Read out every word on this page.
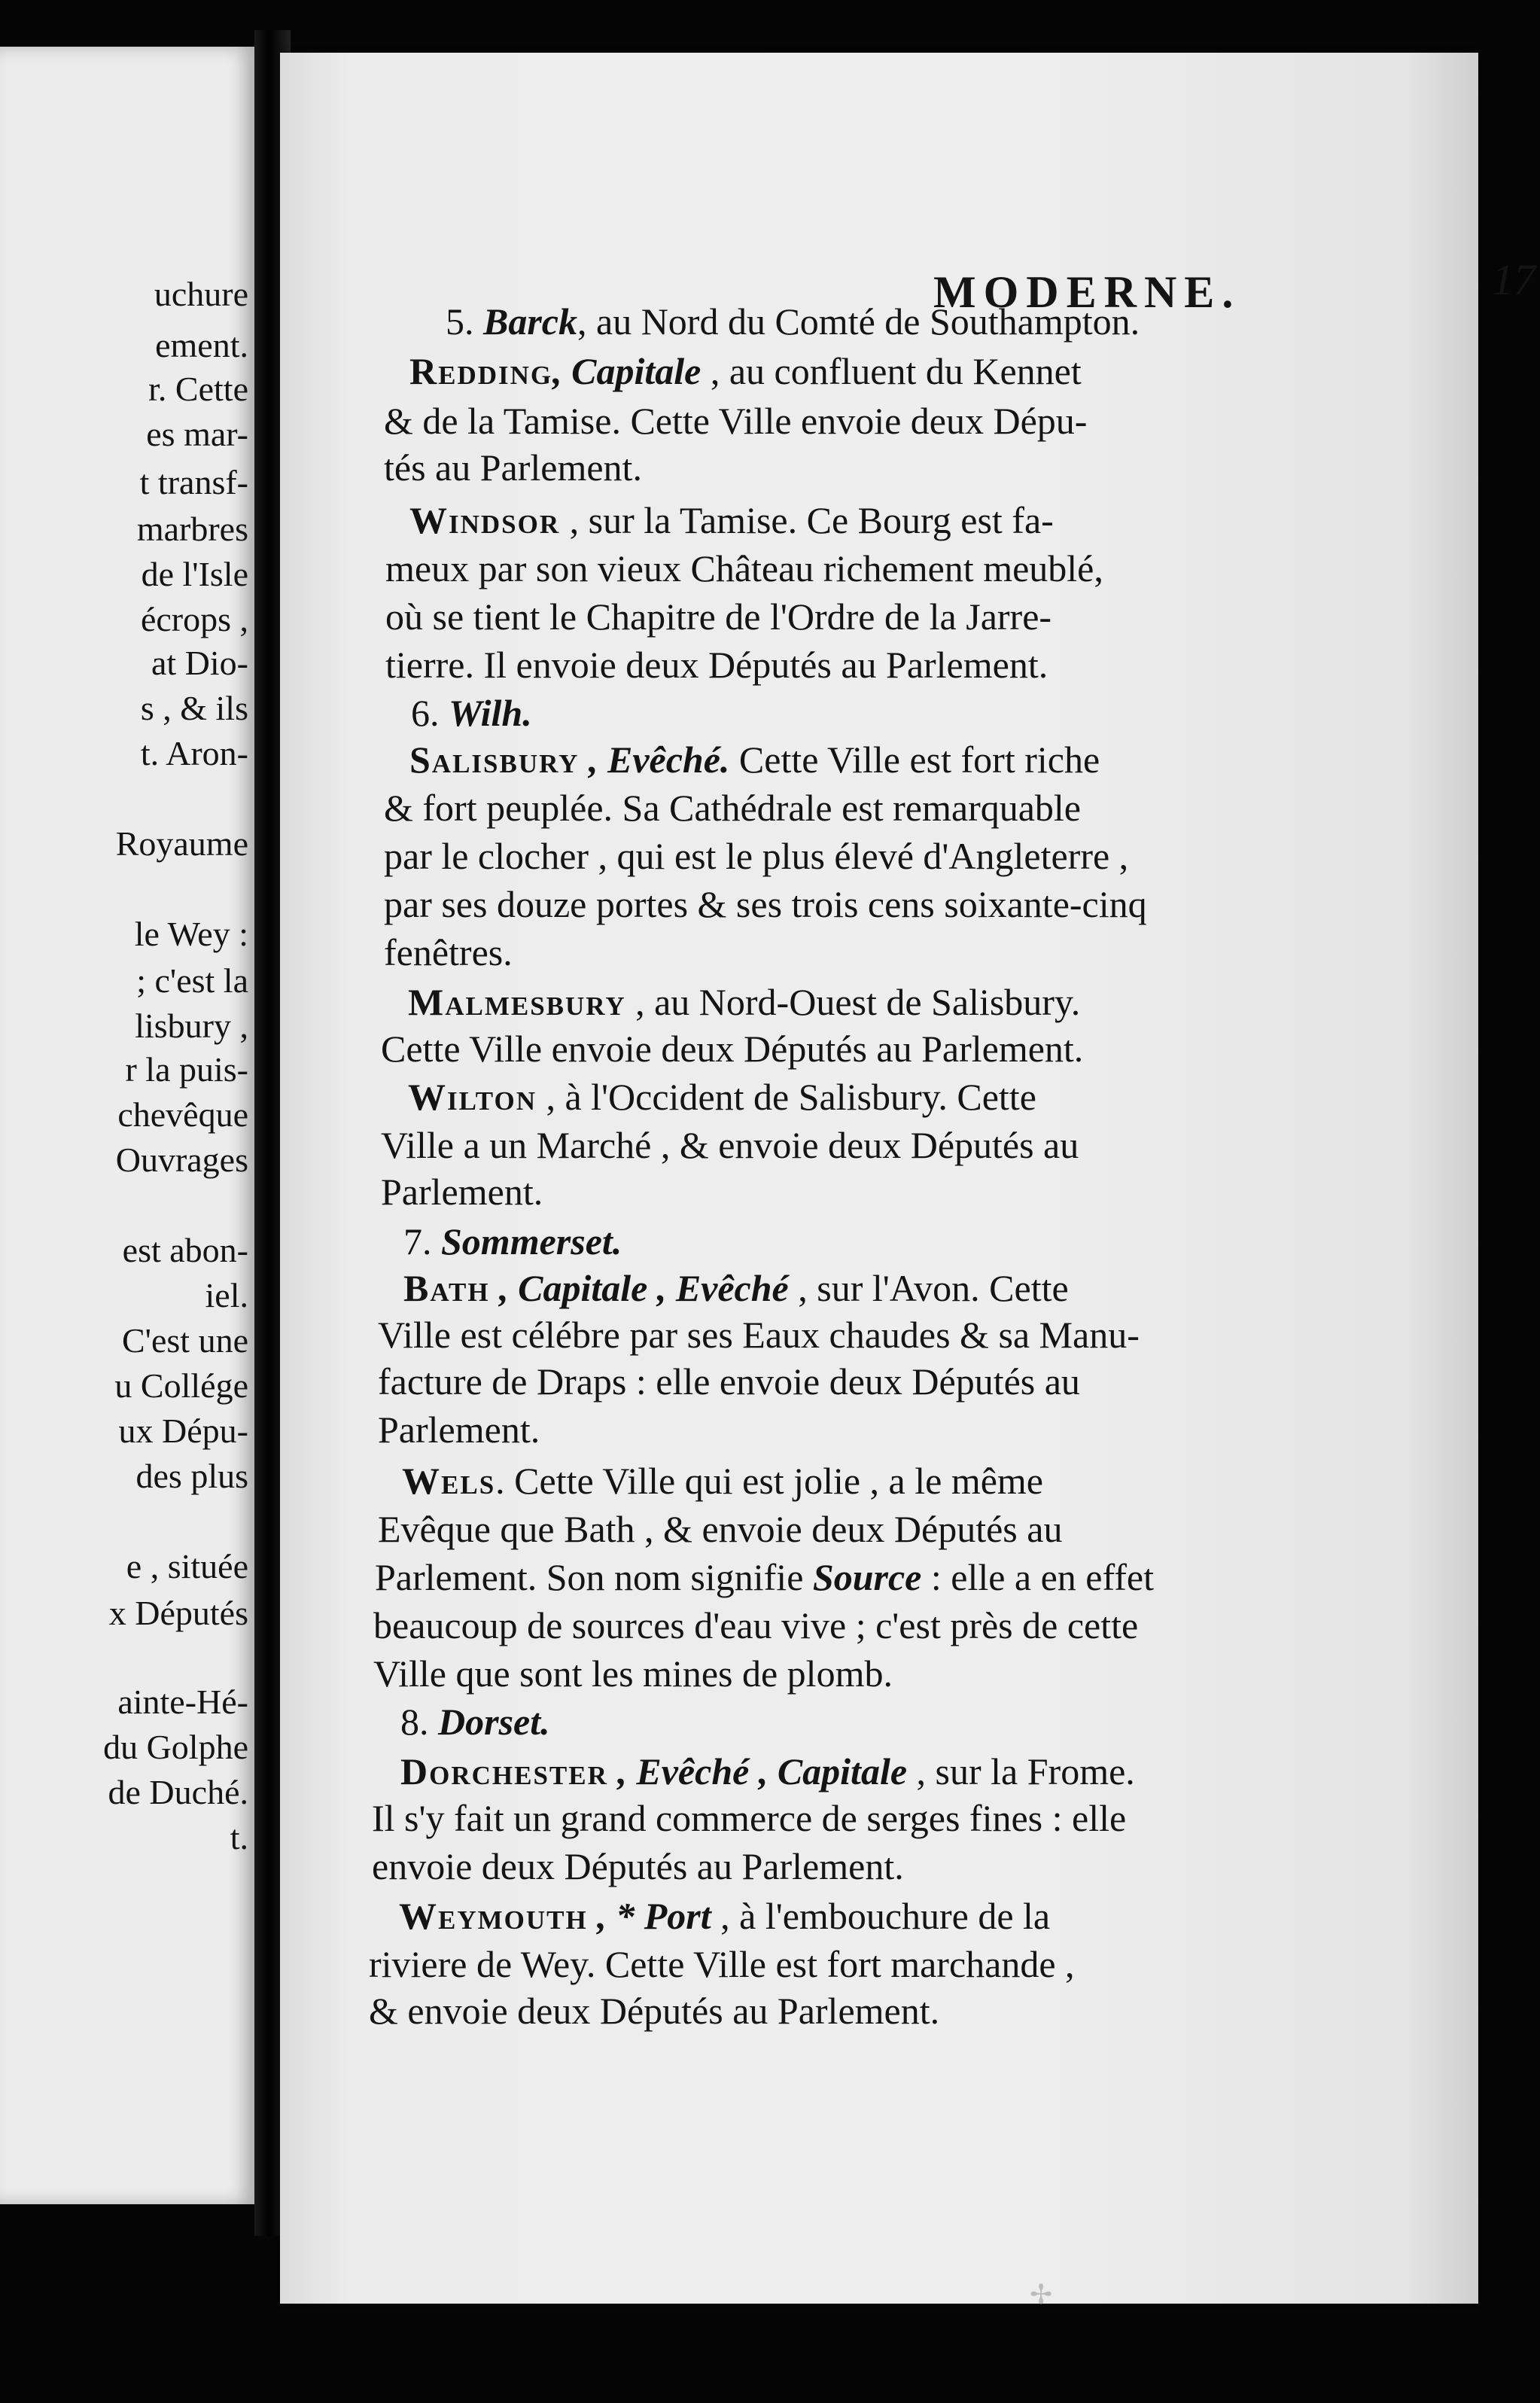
uchure
ement.
r. Cette
es mar-
t transf-
marbres
de l'Isle
écrops ,
at Dio-
s , & ils
t. Aron-
Royaume
le Wey :
; c'est la
lisbury ,
r la puis-
chevêque
Ouvrages
est abon-
iel.
C'est une
u Collége
ux Dépu-
des plus
e , située
x Députés
ainte-Hé-
du Golphe
de Duché.
t.
MODERNE.	17
5. Barck, au Nord du Comté de Southampton.
Redding, Capitale , au confluent du Kennet
& de la Tamise. Cette Ville envoie deux Dépu-
tés au Parlement.
Windsor , sur la Tamise. Ce Bourg est fa-
meux par son vieux Château richement meublé,
où se tient le Chapitre de l'Ordre de la Jarre-
tierre. Il envoie deux Députés au Parlement.
6. Wilh.
Salisbury , Evêché. Cette Ville est fort riche
& fort peuplée. Sa Cathédrale est remarquable
par le clocher , qui est le plus élevé d'Angleterre ,
par ses douze portes & ses trois cens soixante-cinq
fenêtres.
Malmesbury , au Nord-Ouest de Salisbury.
Cette Ville envoie deux Députés au Parlement.
Wilton , à l'Occident de Salisbury. Cette
Ville a un Marché , & envoie deux Députés au
Parlement.
7. Sommerset.
Bath , Capitale , Evêché , sur l'Avon. Cette
Ville est célébre par ses Eaux chaudes & sa Manu-
facture de Draps : elle envoie deux Députés au
Parlement.
Wels. Cette Ville qui est jolie , a le même
Evêque que Bath , & envoie deux Députés au
Parlement. Son nom signifie Source : elle a en effet
beaucoup de sources d'eau vive ; c'est près de cette
Ville que sont les mines de plomb.
8. Dorset.
Dorchester , Evêché , Capitale , sur la Frome.
Il s'y fait un grand commerce de serges fines : elle
envoie deux Députés au Parlement.
Weymouth , * Port , à l'embouchure de la
riviere de Wey. Cette Ville est fort marchande ,
& envoie deux Députés au Parlement.
✢
